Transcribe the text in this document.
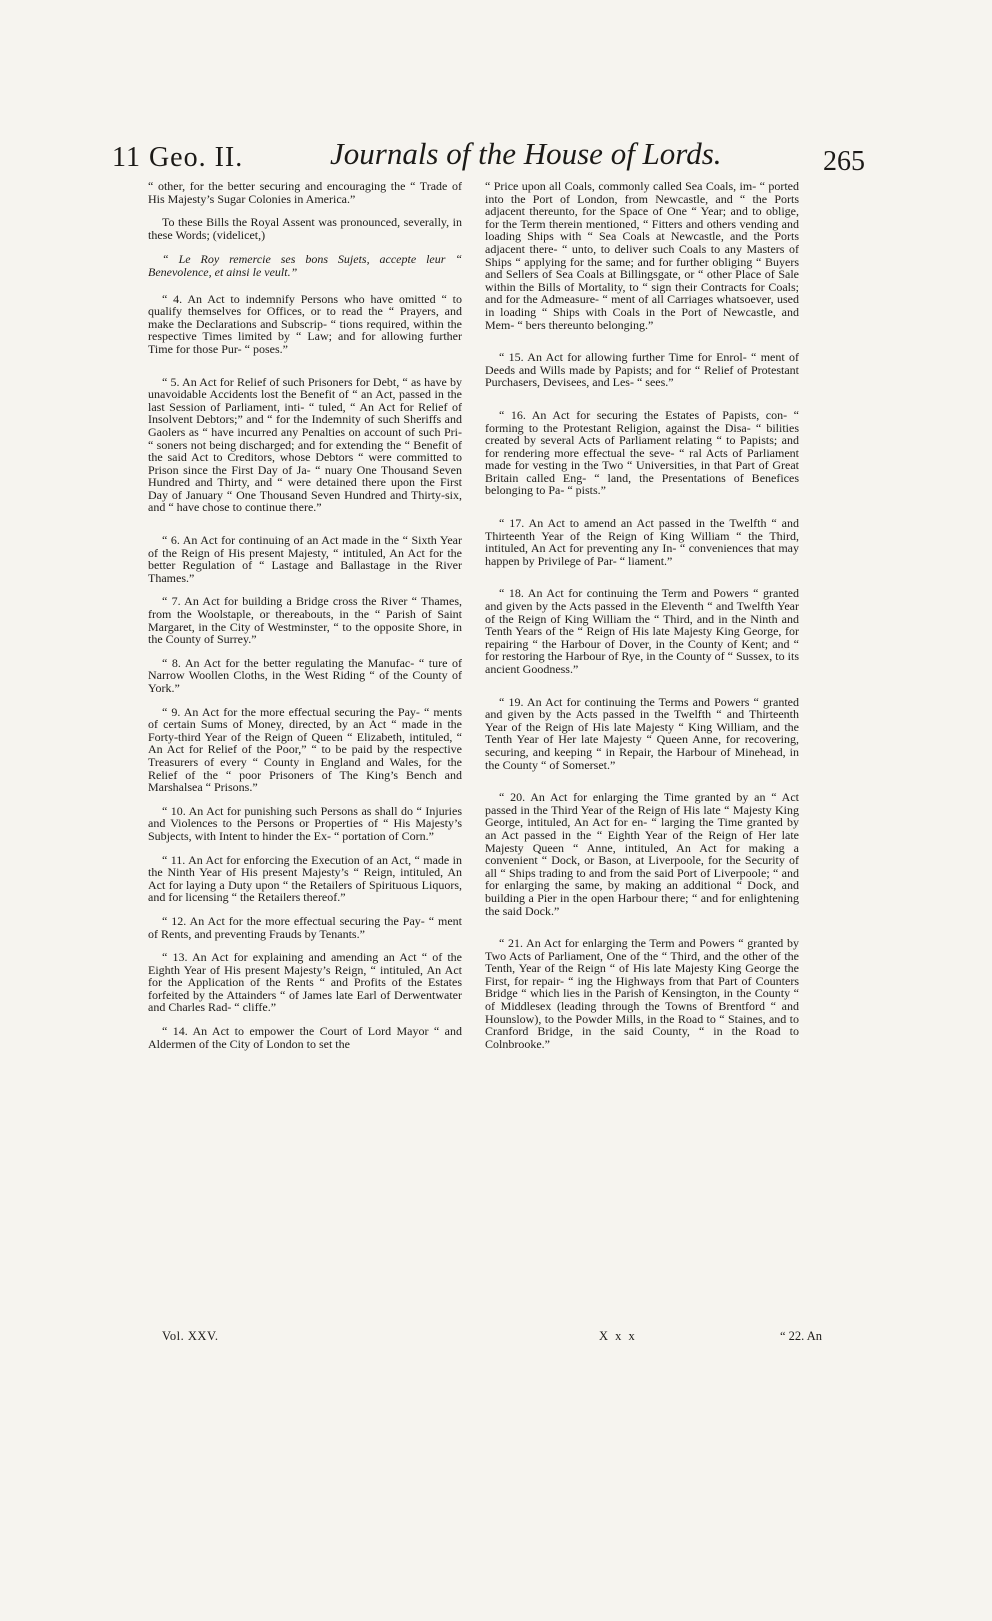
11 Geo. II.	Journals of the House of Lords.	265

“ other, for the better securing and encouraging the “ Trade of His Majesty’s Sugar Colonies in America.”

To these Bills the Royal Assent was pronounced, severally, in these Words; (videlicet,)

“ Le Roy remercie ses bons Sujets, accepte leur “ Benevolence, et ainsi le veult.”

“ 4. An Act to indemnify Persons who have omitted “ to qualify themselves for Offices, or to read the “ Prayers, and make the Declarations and Subscrip- “ tions required, within the respective Times limited by “ Law; and for allowing further Time for those Pur- “ poses.”

“ 5. An Act for Relief of such Prisoners for Debt, “ as have by unavoidable Accidents lost the Benefit of “ an Act, passed in the last Session of Parliament, inti- “ tuled, “ An Act for Relief of Insolvent Debtors;” and “ for the Indemnity of such Sheriffs and Gaolers as “ have incurred any Penalties on account of such Pri- “ soners not being discharged; and for extending the “ Benefit of the said Act to Creditors, whose Debtors “ were committed to Prison since the First Day of Ja- “ nuary One Thousand Seven Hundred and Thirty, and “ were detained there upon the First Day of January “ One Thousand Seven Hundred and Thirty-six, and “ have chose to continue there.”

“ 6. An Act for continuing of an Act made in the “ Sixth Year of the Reign of His present Majesty, “ intituled, An Act for the better Regulation of “ Lastage and Ballastage in the River Thames.”

“ 7. An Act for building a Bridge cross the River “ Thames, from the Woolstaple, or thereabouts, in the “ Parish of Saint Margaret, in the City of Westminster, “ to the opposite Shore, in the County of Surrey.”

“ 8. An Act for the better regulating the Manufac- “ ture of Narrow Woollen Cloths, in the West Riding “ of the County of York.”

“ 9. An Act for the more effectual securing the Pay- “ ments of certain Sums of Money, directed, by an Act “ made in the Forty-third Year of the Reign of Queen “ Elizabeth, intituled, “ An Act for Relief of the Poor,” “ to be paid by the respective Treasurers of every “ County in England and Wales, for the Relief of the “ poor Prisoners of The King’s Bench and Marshalsea “ Prisons.”

“ 10. An Act for punishing such Persons as shall do “ Injuries and Violences to the Persons or Properties of “ His Majesty’s Subjects, with Intent to hinder the Ex- “ portation of Corn.”

“ 11. An Act for enforcing the Execution of an Act, “ made in the Ninth Year of His present Majesty’s “ Reign, intituled, An Act for laying a Duty upon “ the Retailers of Spirituous Liquors, and for licensing “ the Retailers thereof.”

“ 12. An Act for the more effectual securing the Pay- “ ment of Rents, and preventing Frauds by Tenants.”

“ 13. An Act for explaining and amending an Act “ of the Eighth Year of His present Majesty’s Reign, “ intituled, An Act for the Application of the Rents “ and Profits of the Estates forfeited by the Attainders “ of James late Earl of Derwentwater and Charles Rad- “ cliffe.”

“ 14. An Act to empower the Court of Lord Mayor “ and Aldermen of the City of London to set the

“ Price upon all Coals, commonly called Sea Coals, im- “ ported into the Port of London, from Newcastle, and “ the Ports adjacent thereunto, for the Space of One “ Year; and to oblige, for the Term therein mentioned, “ Fitters and others vending and loading Ships with “ Sea Coals at Newcastle, and the Ports adjacent there- “ unto, to deliver such Coals to any Masters of Ships “ applying for the same; and for further obliging “ Buyers and Sellers of Sea Coals at Billingsgate, or “ other Place of Sale within the Bills of Mortality, to “ sign their Contracts for Coals; and for the Admeasure- “ ment of all Carriages whatsoever, used in loading “ Ships with Coals in the Port of Newcastle, and Mem- “ bers thereunto belonging.”

“ 15. An Act for allowing further Time for Enrol- “ ment of Deeds and Wills made by Papists; and for “ Relief of Protestant Purchasers, Devisees, and Les- “ sees.”

“ 16. An Act for securing the Estates of Papists, con- “ forming to the Protestant Religion, against the Disa- “ bilities created by several Acts of Parliament relating “ to Papists; and for rendering more effectual the seve- “ ral Acts of Parliament made for vesting in the Two “ Universities, in that Part of Great Britain called Eng- “ land, the Presentations of Benefices belonging to Pa- “ pists.”

“ 17. An Act to amend an Act passed in the Twelfth “ and Thirteenth Year of the Reign of King William “ the Third, intituled, An Act for preventing any In- “ conveniences that may happen by Privilege of Par- “ liament.”

“ 18. An Act for continuing the Term and Powers “ granted and given by the Acts passed in the Eleventh “ and Twelfth Year of the Reign of King William the “ Third, and in the Ninth and Tenth Years of the “ Reign of His late Majesty King George, for repairing “ the Harbour of Dover, in the County of Kent; and “ for restoring the Harbour of Rye, in the County of “ Sussex, to its ancient Goodness.”

“ 19. An Act for continuing the Terms and Powers “ granted and given by the Acts passed in the Twelfth “ and Thirteenth Year of the Reign of His late Majesty “ King William, and the Tenth Year of Her late Majesty “ Queen Anne, for recovering, securing, and keeping “ in Repair, the Harbour of Minehead, in the County “ of Somerset.”

“ 20. An Act for enlarging the Time granted by an “ Act passed in the Third Year of the Reign of His late “ Majesty King George, intituled, An Act for en- “ larging the Time granted by an Act passed in the “ Eighth Year of the Reign of Her late Majesty Queen “ Anne, intituled, An Act for making a convenient “ Dock, or Bason, at Liverpoole, for the Security of all “ Ships trading to and from the said Port of Liverpoole; “ and for enlarging the same, by making an additional “ Dock, and building a Pier in the open Harbour there; “ and for enlightening the said Dock.”

“ 21. An Act for enlarging the Term and Powers “ granted by Two Acts of Parliament, One of the “ Third, and the other of the Tenth, Year of the Reign “ of His late Majesty King George the First, for repair- “ ing the Highways from that Part of Counters Bridge “ which lies in the Parish of Kensington, in the County “ of Middlesex (leading through the Towns of Brentford “ and Hounslow), to the Powder Mills, in the Road to “ Staines, and to Cranford Bridge, in the said County, “ in the Road to Colnbrooke.”

Vol. XXV.	X x x	“ 22. An
